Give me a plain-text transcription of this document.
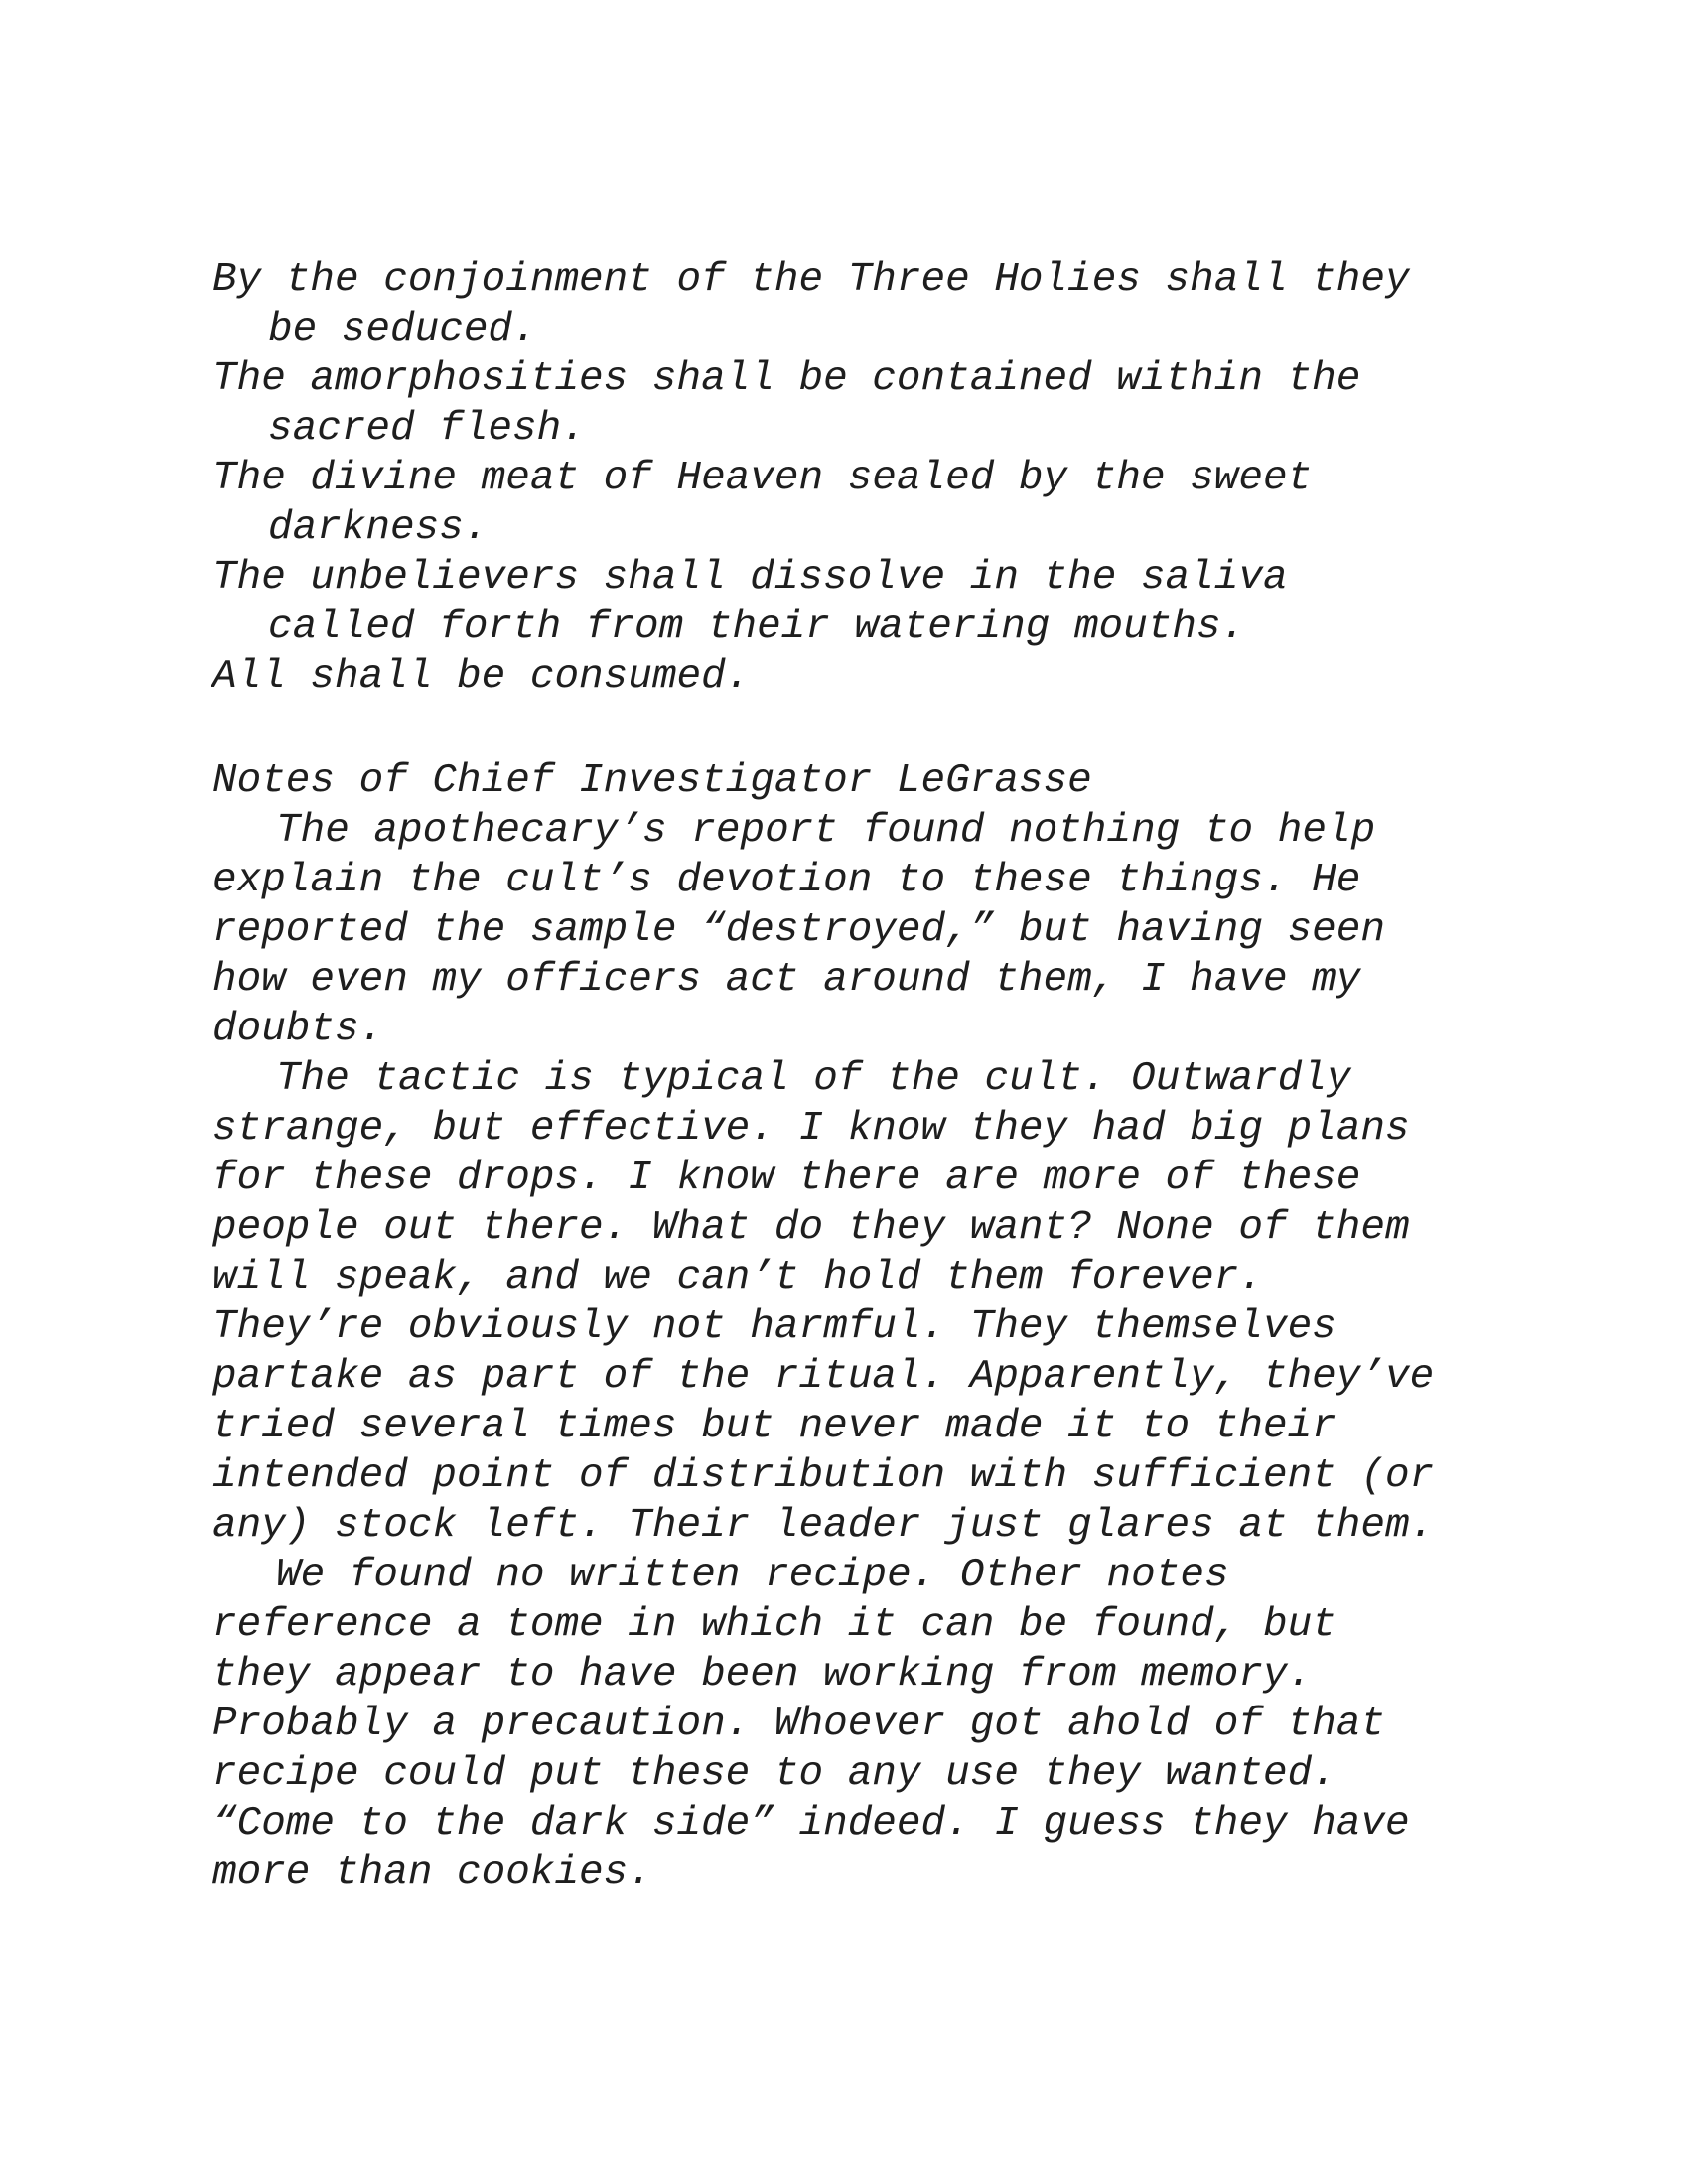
By the conjoinment of the Three Holies shall they
be seduced.
The amorphosities shall be contained within the
sacred flesh.
The divine meat of Heaven sealed by the sweet
darkness.
The unbelievers shall dissolve in the saliva
called forth from their watering mouths.
All shall be consumed.
Notes of Chief Investigator LeGrasse
The apothecary’s report found nothing to help
explain the cult’s devotion to these things. He
reported the sample “destroyed,” but having seen
how even my officers act around them, I have my
doubts.
The tactic is typical of the cult. Outwardly
strange, but effective. I know they had big plans
for these drops. I know there are more of these
people out there. What do they want? None of them
will speak, and we can’t hold them forever.
They’re obviously not harmful. They themselves
partake as part of the ritual. Apparently, they’ve
tried several times but never made it to their
intended point of distribution with sufficient (or
any) stock left. Their leader just glares at them.
We found no written recipe. Other notes
reference a tome in which it can be found, but
they appear to have been working from memory.
Probably a precaution. Whoever got ahold of that
recipe could put these to any use they wanted.
“Come to the dark side” indeed. I guess they have
more than cookies.
